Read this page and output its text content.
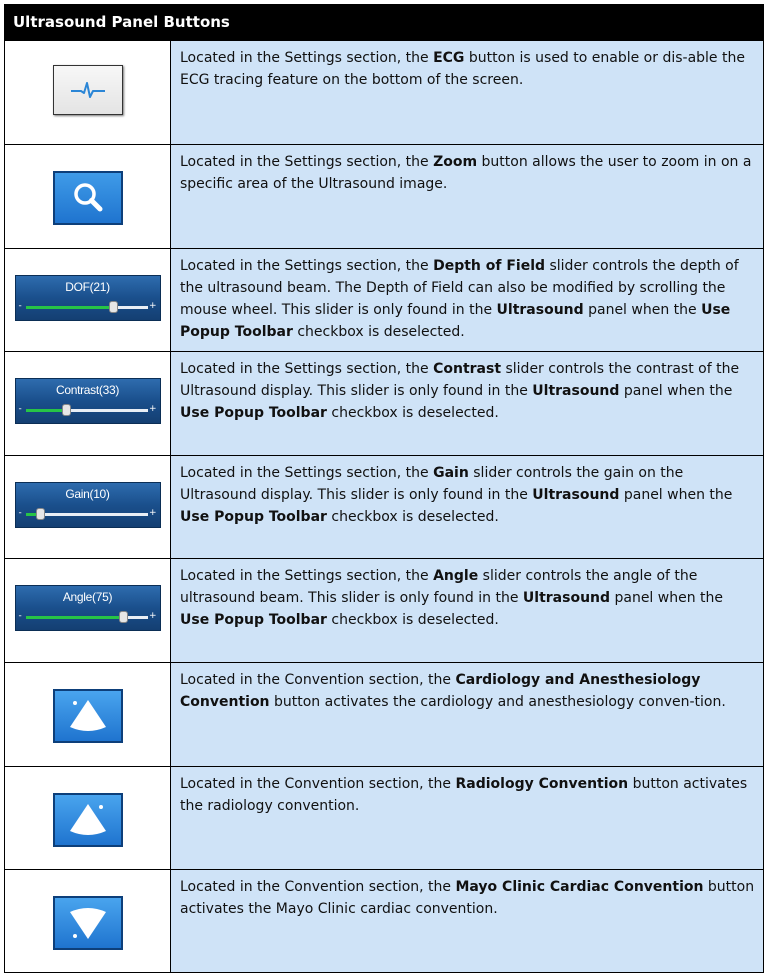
Ultrasound Panel Buttons
Located in the Settings section, the ECG button is used to enable or dis-able the ECG tracing feature on the bottom of the screen.
Located in the Settings section, the Zoom button allows the user to zoom in on a specific area of the Ultrasound image.
DOF(21)
-	+
Located in the Settings section, the Depth of Field slider controls the depth of the ultrasound beam. The Depth of Field can also be modified by scrolling the mouse wheel. This slider is only found in the Ultrasound panel when the Use Popup Toolbar checkbox is deselected.
Contrast(33)
-	+
Located in the Settings section, the Contrast slider controls the contrast of the Ultrasound display. This slider is only found in the Ultrasound panel when the Use Popup Toolbar checkbox is deselected.
Gain(10)
-	+
Located in the Settings section, the Gain slider controls the gain on the Ultrasound display. This slider is only found in the Ultrasound panel when the Use Popup Toolbar checkbox is deselected.
Angle(75)
-	+
Located in the Settings section, the Angle slider controls the angle of the ultrasound beam. This slider is only found in the Ultrasound panel when the Use Popup Toolbar checkbox is deselected.
Located in the Convention section, the Cardiology and Anesthesiology Convention button activates the cardiology and anesthesiology conven-tion.
Located in the Convention section, the Radiology Convention button activates the radiology convention.
Located in the Convention section, the Mayo Clinic Cardiac Convention button activates the Mayo Clinic cardiac convention.
